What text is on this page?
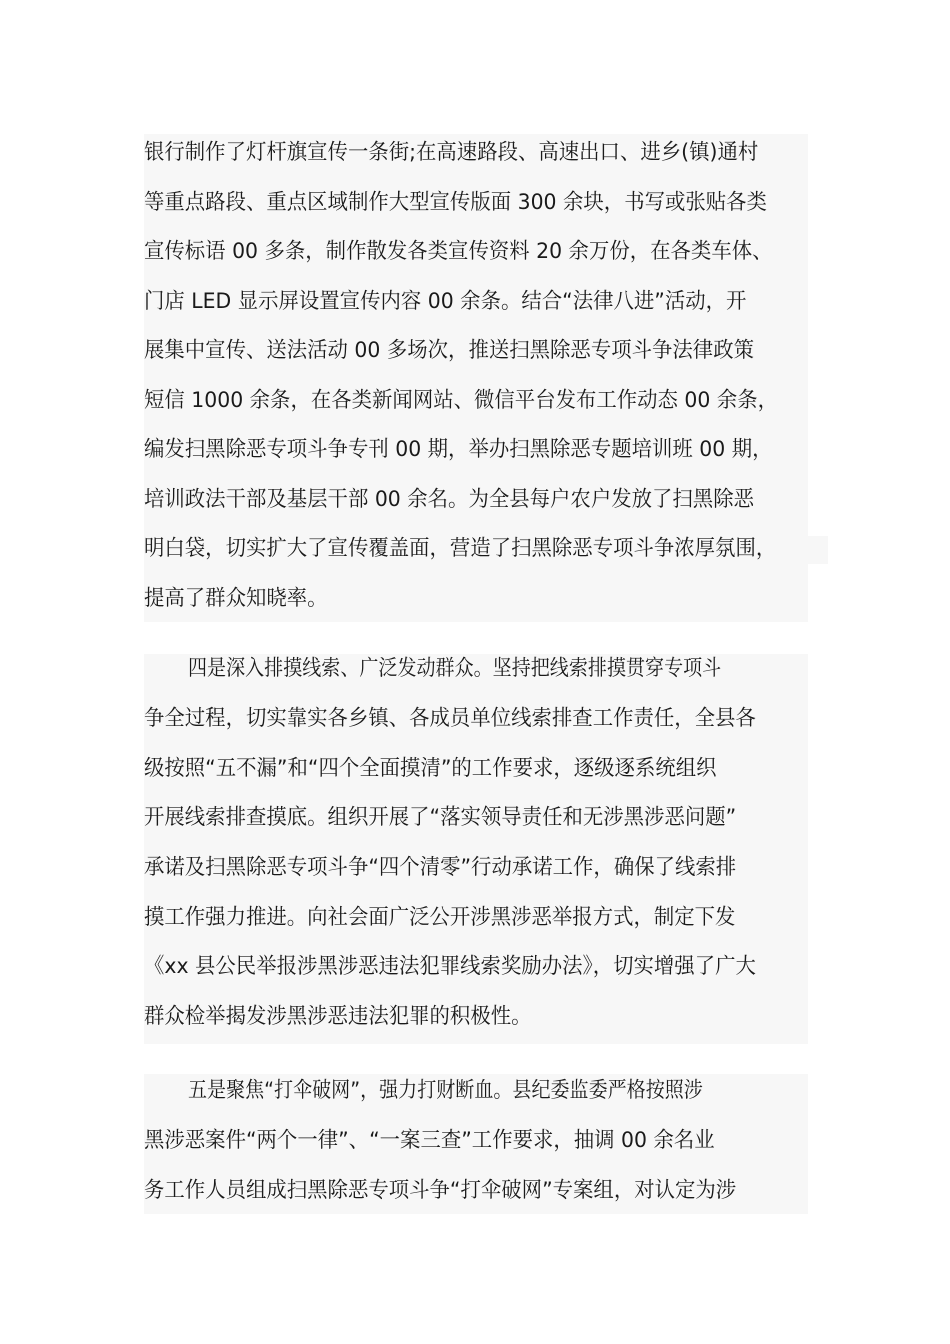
银行制作了灯杆旗宣传一条街;在高速路段、高速出口、进乡(镇)通村
等重点路段、重点区域制作大型宣传版面 300 余块，书写或张贴各类
宣传标语 00 多条，制作散发各类宣传资料 20 余万份，在各类车体、
门店 LED 显示屏设置宣传内容 00 余条。结合“法律八进”活动，开
展集中宣传、送法活动 00 多场次，推送扫黑除恶专项斗争法律政策
短信 1000 余条，在各类新闻网站、微信平台发布工作动态 00 余条，
编发扫黑除恶专项斗争专刊 00 期，举办扫黑除恶专题培训班 00 期，
培训政法干部及基层干部 00 余名。为全县每户农户发放了扫黑除恶
明白袋，切实扩大了宣传覆盖面，营造了扫黑除恶专项斗争浓厚氛围，
提高了群众知晓率。
四是深入排摸线索、广泛发动群众。坚持把线索排摸贯穿专项斗
争全过程，切实靠实各乡镇、各成员单位线索排查工作责任，全县各
级按照“五不漏”和“四个全面摸清”的工作要求，逐级逐系统组织
开展线索排查摸底。组织开展了“落实领导责任和无涉黑涉恶问题”
承诺及扫黑除恶专项斗争“四个清零”行动承诺工作，确保了线索排
摸工作强力推进。向社会面广泛公开涉黑涉恶举报方式，制定下发
《xx 县公民举报涉黑涉恶违法犯罪线索奖励办法》，切实增强了广大
群众检举揭发涉黑涉恶违法犯罪的积极性。
五是聚焦“打伞破网”，强力打财断血。县纪委监委严格按照涉
黑涉恶案件“两个一律”、“一案三查”工作要求，抽调 00 余名业
务工作人员组成扫黑除恶专项斗争“打伞破网”专案组，对认定为涉
